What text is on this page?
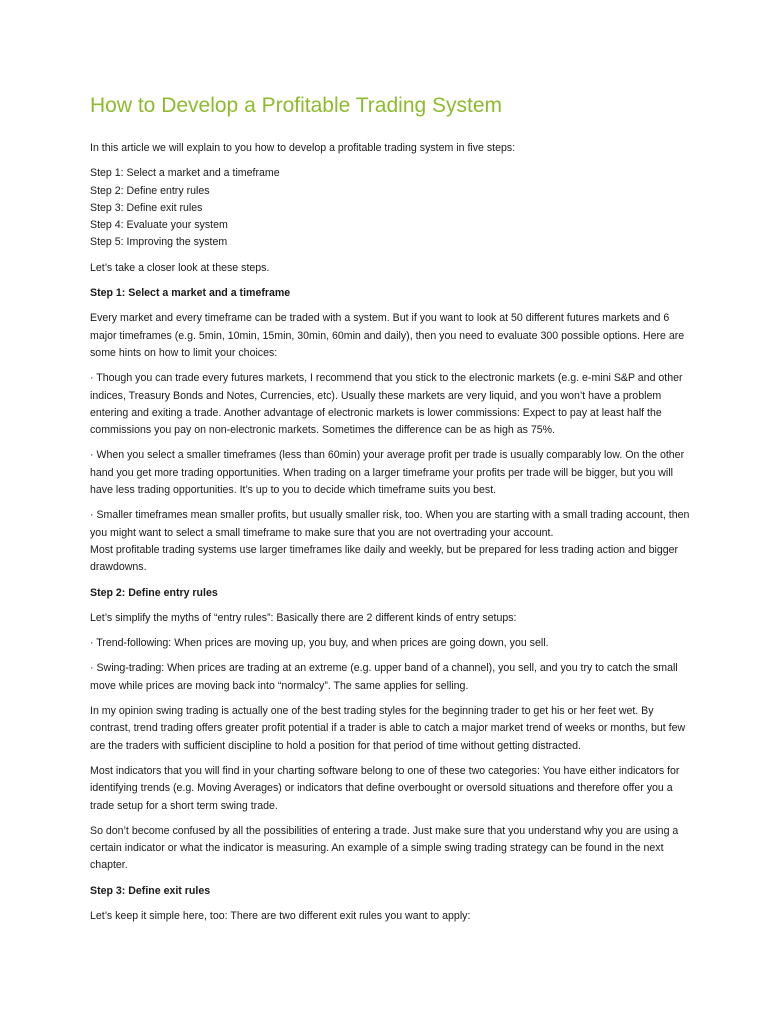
How to Develop a Profitable Trading System

In this article we will explain to you how to develop a profitable trading system in five steps:

Step 1: Select a market and a timeframe
Step 2: Define entry rules
Step 3: Define exit rules
Step 4: Evaluate your system
Step 5: Improving the system

Let’s take a closer look at these steps.

Step 1: Select a market and a timeframe

Every market and every timeframe can be traded with a system. But if you want to look at 50 different futures markets and 6 major timeframes (e.g. 5min, 10min, 15min, 30min, 60min and daily), then you need to evaluate 300 possible options. Here are some hints on how to limit your choices:

· Though you can trade every futures markets, I recommend that you stick to the electronic markets (e.g. e-mini S&P and other indices, Treasury Bonds and Notes, Currencies, etc). Usually these markets are very liquid, and you won’t have a problem entering and exiting a trade. Another advantage of electronic markets is lower commissions: Expect to pay at least half the commissions you pay on non-electronic markets. Sometimes the difference can be as high as 75%.

· When you select a smaller timeframes (less than 60min) your average profit per trade is usually comparably low. On the other hand you get more trading opportunities. When trading on a larger timeframe your profits per trade will be bigger, but you will have less trading opportunities. It’s up to you to decide which timeframe suits you best.

· Smaller timeframes mean smaller profits, but usually smaller risk, too. When you are starting with a small trading account, then you might want to select a small timeframe to make sure that you are not overtrading your account.

Most profitable trading systems use larger timeframes like daily and weekly, but be prepared for less trading action and bigger drawdowns.

Step 2: Define entry rules

Let’s simplify the myths of “entry rules”: Basically there are 2 different kinds of entry setups:

· Trend-following: When prices are moving up, you buy, and when prices are going down, you sell.

· Swing-trading: When prices are trading at an extreme (e.g. upper band of a channel), you sell, and you try to catch the small move while prices are moving back into “normalcy”. The same applies for selling.

In my opinion swing trading is actually one of the best trading styles for the beginning trader to get his or her feet wet. By contrast, trend trading offers greater profit potential if a trader is able to catch a major market trend of weeks or months, but few are the traders with sufficient discipline to hold a position for that period of time without getting distracted.

Most indicators that you will find in your charting software belong to one of these two categories: You have either indicators for identifying trends (e.g. Moving Averages) or indicators that define overbought or oversold situations and therefore offer you a trade setup for a short term swing trade.

So don’t become confused by all the possibilities of entering a trade. Just make sure that you understand why you are using a certain indicator or what the indicator is measuring. An example of a simple swing trading strategy can be found in the next chapter.

Step 3: Define exit rules

Let’s keep it simple here, too: There are two different exit rules you want to apply:
